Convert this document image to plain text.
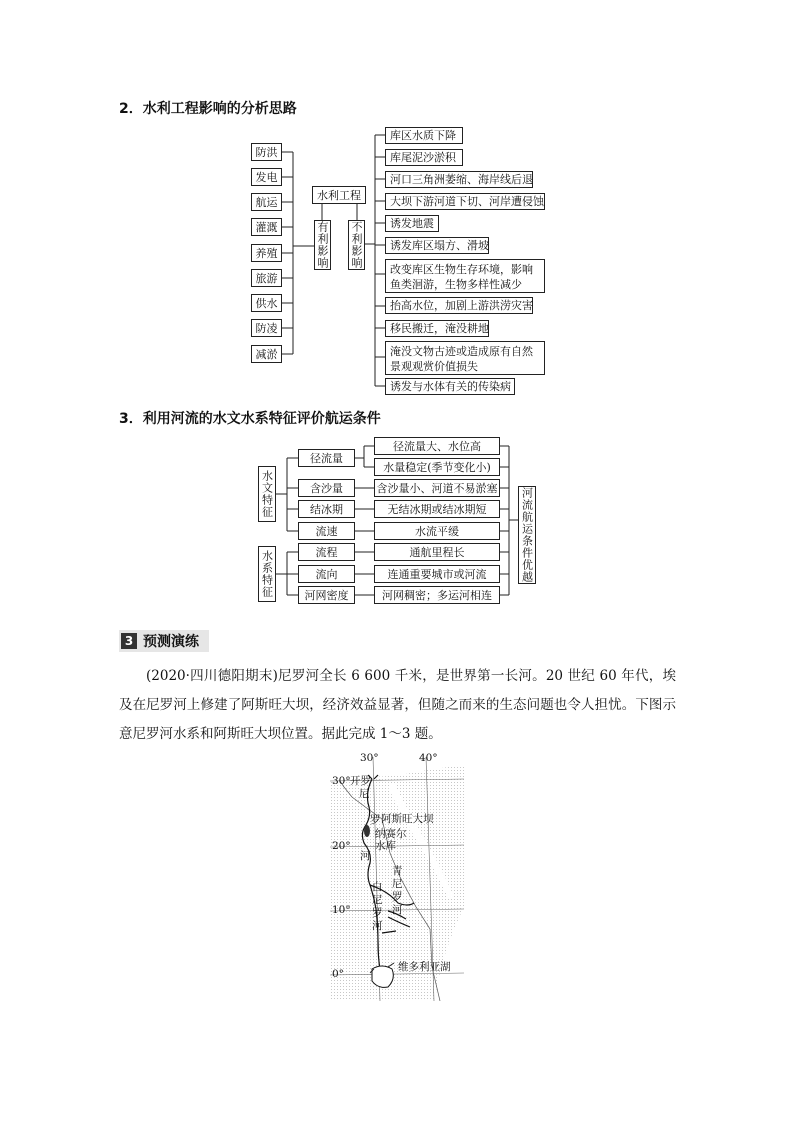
2．水利工程影响的分析思路
防洪
发电
航运
灌溉
养殖
旅游
供水
防凌
减淤
水利工程
有利影响 不利影响
库区水质下降
库尾泥沙淤积
河口三角洲萎缩、海岸线后退
大坝下游河道下切、河岸遭侵蚀
诱发地震
诱发库区塌方、滑坡
改变库区生物生存环境，影响鱼类洄游，生物多样性减少
抬高水位，加剧上游洪涝灾害
移民搬迁，淹没耕地
淹没文物古迹或造成原有自然景观观赏价值损失
诱发与水体有关的传染病
3．利用河流的水文水系特征评价航运条件
水文特征
水系特征
径流量
含沙量
结冰期
流速
流程
流向
河网密度
径流量大、水位高
水量稳定(季节变化小)
含沙量小、河道不易淤塞
无结冰期或结冰期短
水流平缓
通航里程长
连通重要城市或河流
河网稠密；多运河相连
河流航运条件优越
3 预测演练
(2020·四川德阳期末)尼罗河全长 6 600 千米，是世界第一长河。20 世纪 60 年代，埃及在尼罗河上修建了阿斯旺大坝，经济效益显著，但随之而来的生态问题也令人担忧。下图示意尼罗河水系和阿斯旺大坝位置。据此完成 1～3 题。
30°	40°
30°
20°
10°
0°
开罗
尼
罗 阿斯旺大坝
纳赛尔水库
河
青尼罗河
白尼罗河
维多利亚湖
